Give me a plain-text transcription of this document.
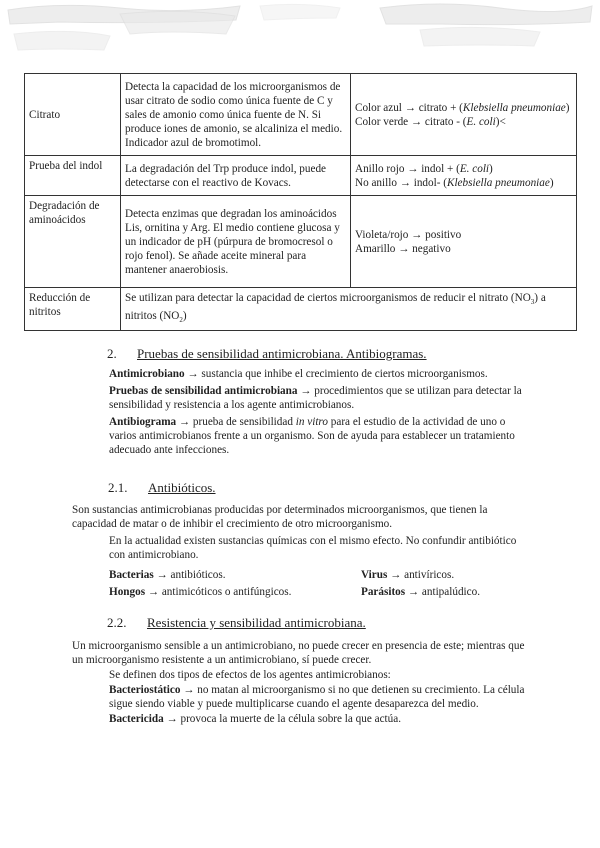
Citrato	Detecta la capacidad de los microorganismos de usar citrato de sodio como única fuente de C y sales de amonio como única fuente de N. Si produce iones de amonio, se alcaliniza el medio. Indicador azul de bromotimol.	Color azul → citrato + (Klebsiella pneumoniae)
Color verde → citrato - (E. coli)<
Prueba del indol	La degradación del Trp produce indol, puede detectarse con el reactivo de Kovacs.	Anillo rojo → indol + (E. coli)
No anillo → indol- (Klebsiella pneumoniae)
Degradación de aminoácidos	Detecta enzimas que degradan los aminoácidos Lis, ornitina y Arg. El medio contiene glucosa y un indicador de pH (púrpura de bromocresol o rojo fenol). Se añade aceite mineral para mantener anaerobiosis.	Violeta/rojo → positivo
Amarillo → negativo
Reducción de nitritos	Se utilizan para detectar la capacidad de ciertos microorganismos de reducir el nitrato $(NO_3)$ a nitritos $(NO_2)$	
2. Pruebas de sensibilidad antimicrobiana. Antibiogramas.
Antimicrobiano → sustancia que inhibe el crecimiento de ciertos microorganismos.
Pruebas de sensibilidad antimicrobiana → procedimientos que se utilizan para detectar la sensibilidad y resistencia a los agente antimicrobianos.
Antibiograma → prueba de sensibilidad in vitro para el estudio de la actividad de uno o varios antimicrobianos frente a un organismo. Son de ayuda para establecer un tratamiento adecuado ante infecciones.
2.1. Antibióticos.
Son sustancias antimicrobianas producidas por determinados microorganismos, que tienen la capacidad de matar o de inhibir el crecimiento de otro microorganismo.
En la actualidad existen sustancias químicas con el mismo efecto. No confundir antibiótico con antimicrobiano.
Bacterias → antibióticos.	Virus → antivíricos.
Hongos → antimicóticos o antifúngicos.	Parásitos → antipalúdico.
2.2. Resistencia y sensibilidad antimicrobiana.
Un microorganismo sensible a un antimicrobiano, no puede crecer en presencia de este; mientras que un microorganismo resistente a un antimicrobiano, sí puede crecer.
Se definen dos tipos de efectos de los agentes antimicrobianos:
Bacteriostático → no matan al microorganismo si no que detienen su crecimiento. La célula sigue siendo viable y puede multiplicarse cuando el agente desaparezca del medio.
Bactericida → provoca la muerte de la célula sobre la que actúa.
